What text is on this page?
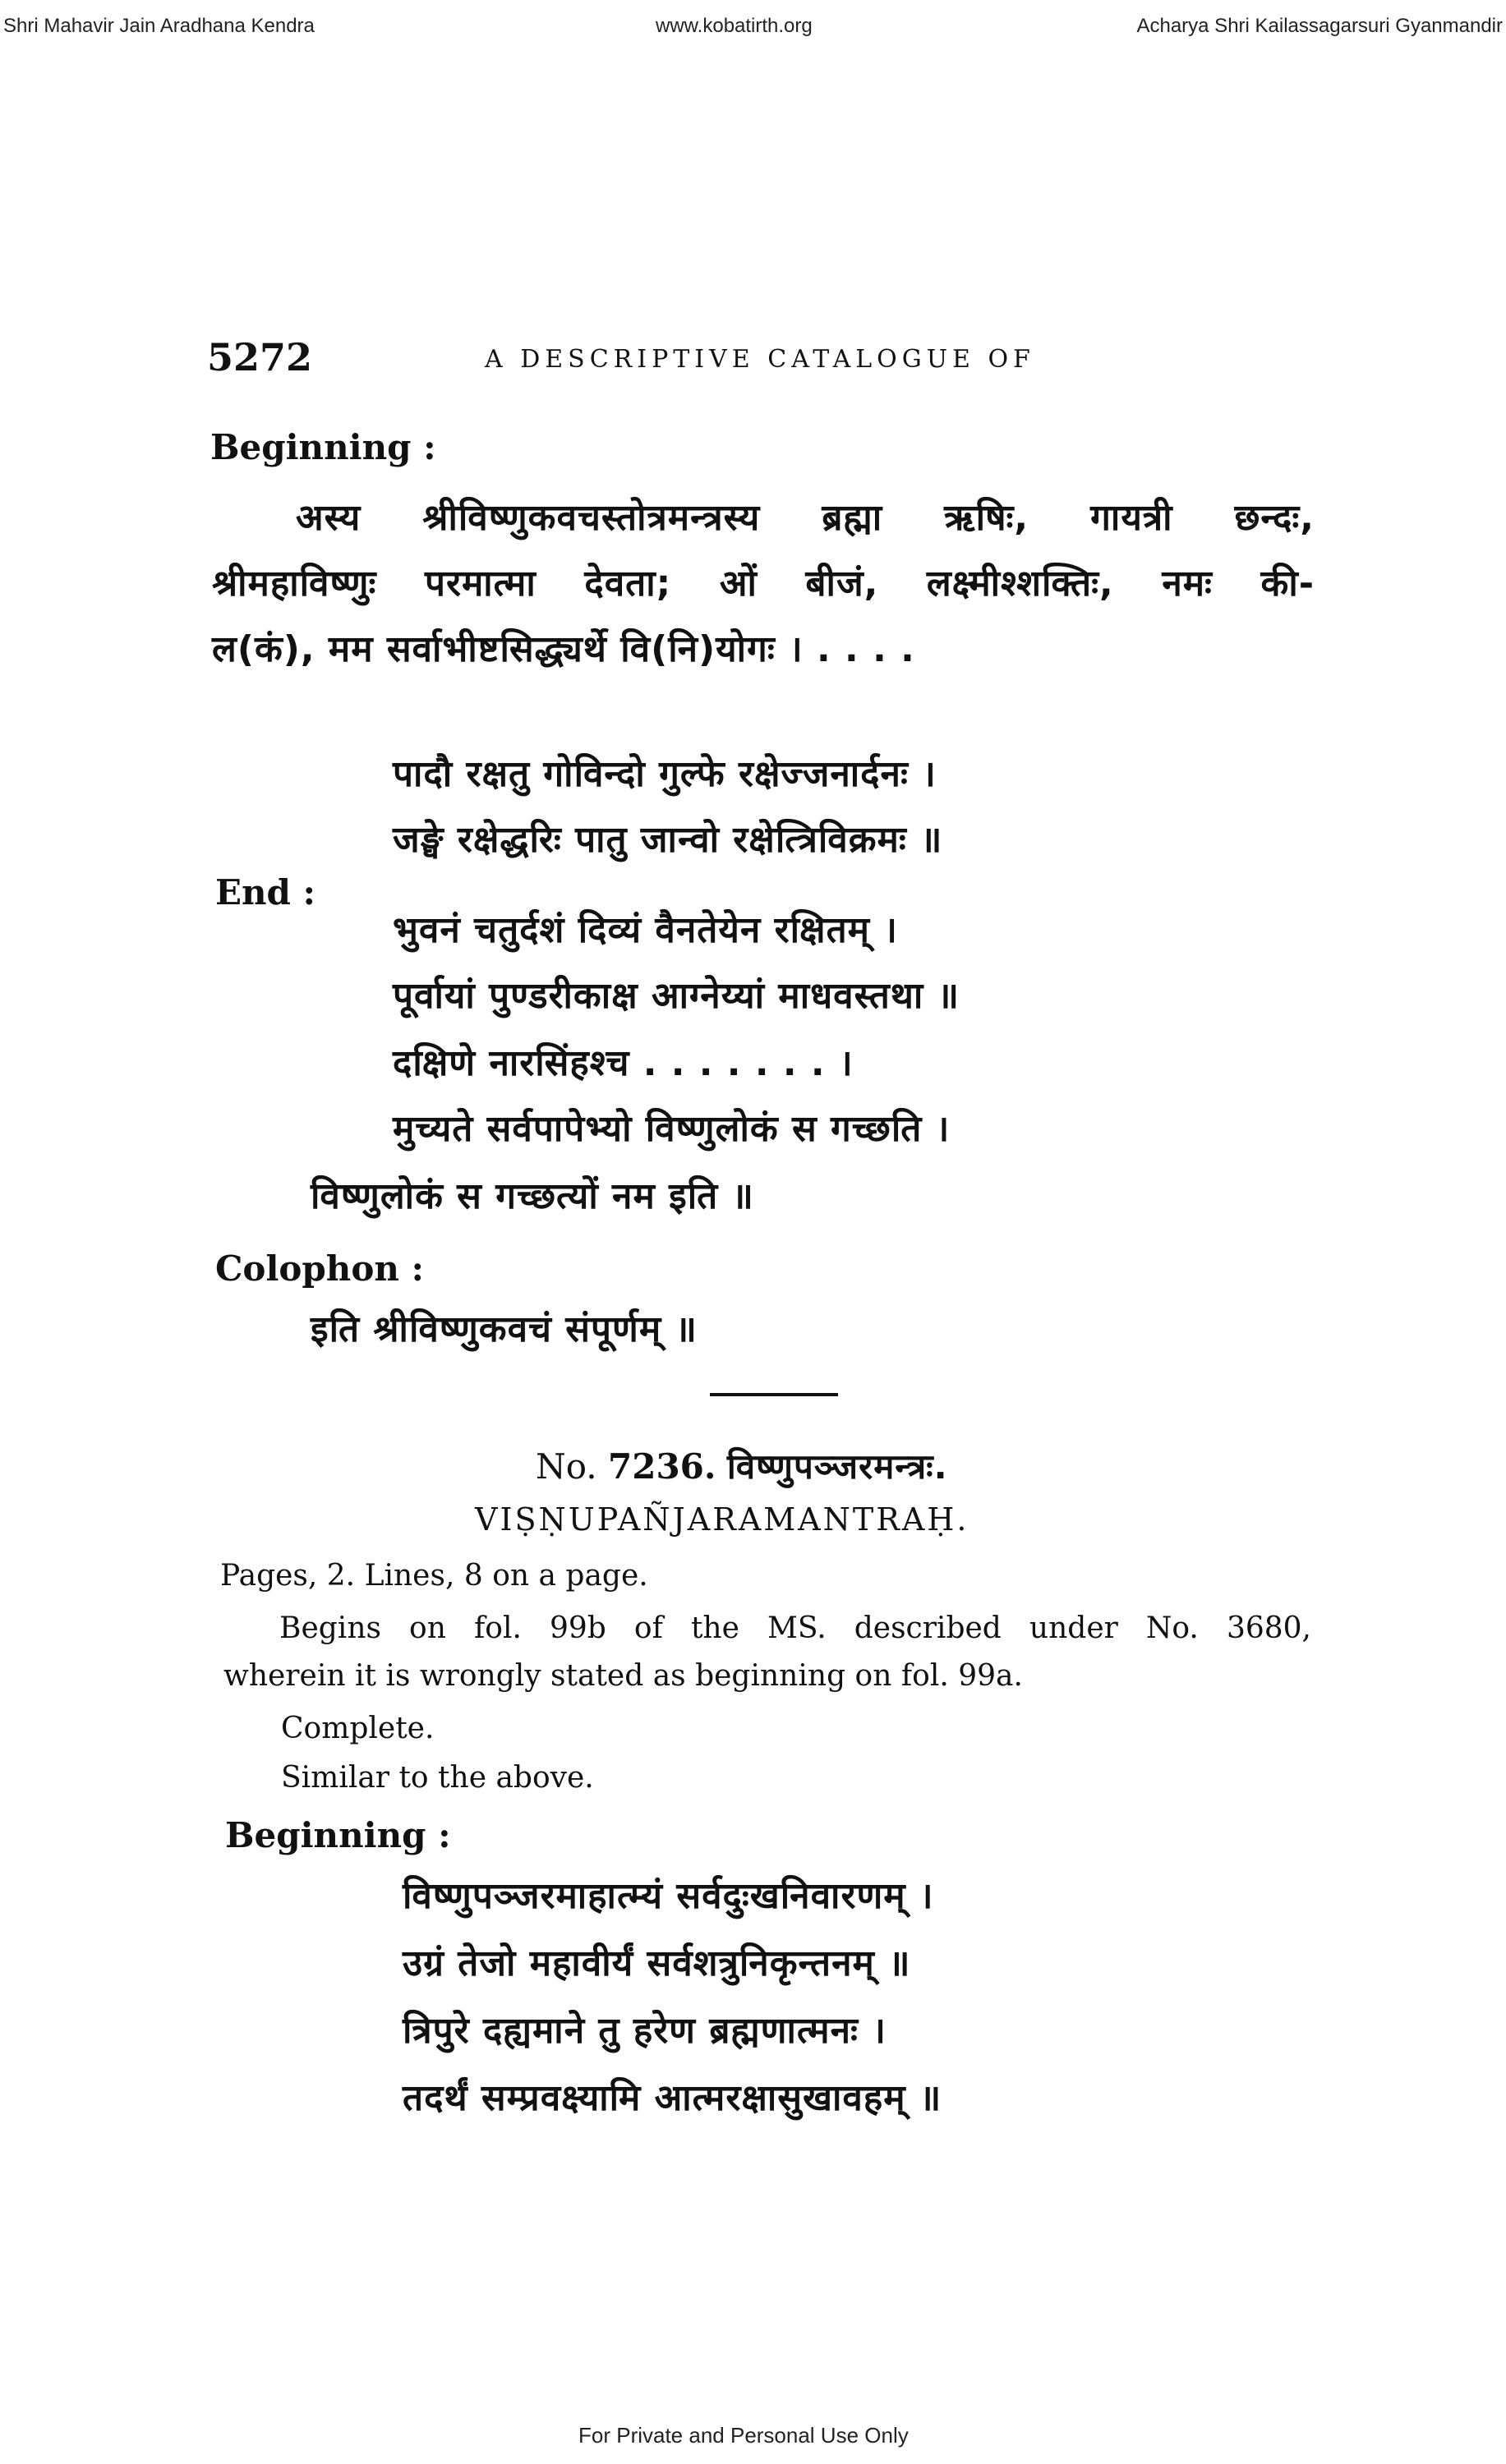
Shri Mahavir Jain Aradhana Kendra	www.kobatirth.org	Acharya Shri Kailassagarsuri Gyanmandir
5272	A DESCRIPTIVE CATALOGUE OF
Beginning :
अस्य श्रीविष्णुकवचस्तोत्रमन्त्रस्य ब्रह्मा ऋषिः, गायत्री छन्दः,
श्रीमहाविष्णुः परमात्मा देवता; ओं बीजं, लक्ष्मीश्शक्तिः, नमः की-
ल(कं), मम सर्वाभीष्टसिद्ध्यर्थे वि(नि)योगः । . . . .
पादौ रक्षतु गोविन्दो गुल्फे रक्षेज्जनार्दनः ।
जङ्घे रक्षेद्धरिः पातु जान्वो रक्षेत्त्रिविक्रमः ॥
End :
भुवनं चतुर्दशं दिव्यं वैनतेयेन रक्षितम् ।
पूर्वायां पुण्डरीकाक्ष आग्नेय्यां माधवस्तथा ॥
दक्षिणे नारसिंहश्च . . . . . . . ।
मुच्यते सर्वपापेभ्यो विष्णुलोकं स गच्छति ।
विष्णुलोकं स गच्छत्यों नम इति ॥
Colophon :
इति श्रीविष्णुकवचं संपूर्णम् ॥
No. 7236. विष्णुपञ्जरमन्त्रः.
VIṢṆUPAÑJARAMANTRAḤ.
Pages, 2. Lines, 8 on a page.
Begins on fol. 99b of the MS. described under No. 3680,
wherein it is wrongly stated as beginning on fol. 99a.
Complete.
Similar to the above.
Beginning :
विष्णुपञ्जरमाहात्म्यं सर्वदुःखनिवारणम् ।
उग्रं तेजो महावीर्यं सर्वशत्रुनिकृन्तनम् ॥
त्रिपुरे दह्यमाने तु हरेण ब्रह्मणात्मनः ।
तदर्थं सम्प्रवक्ष्यामि आत्मरक्षासुखावहम् ॥
For Private and Personal Use Only
